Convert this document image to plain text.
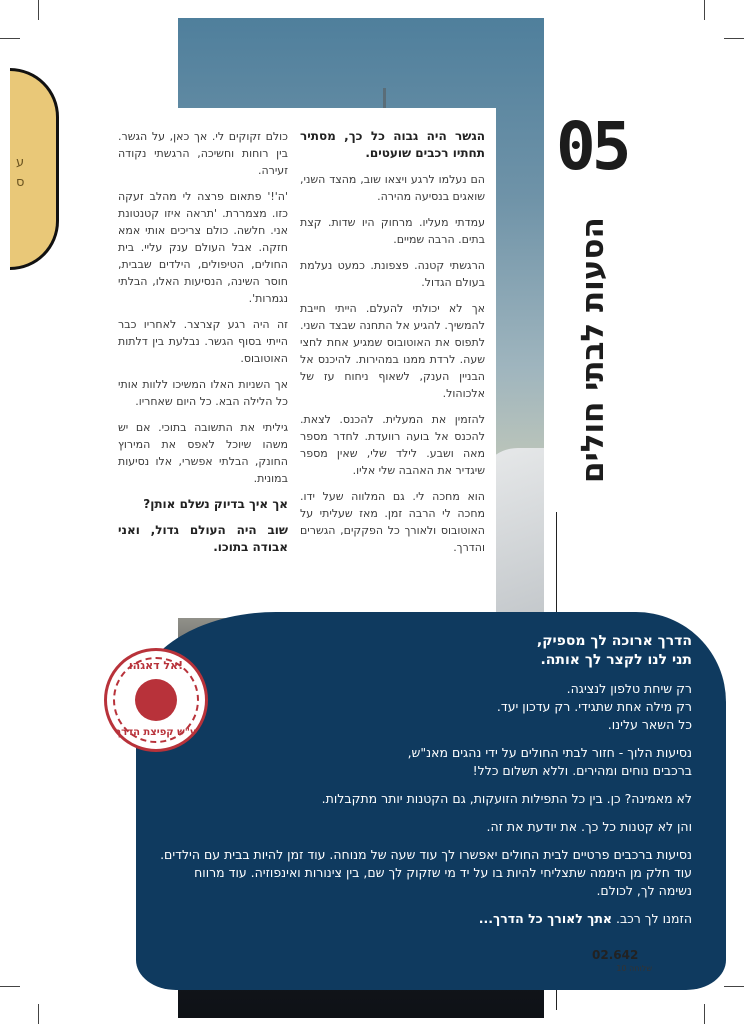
ע
ס

הגשר היה גבוה כל כך, מסתיר תחתיו רכבים שועטים.

הם נעלמו לרגע ויצאו שוב, מהצד השני, שואגים בנסיעה מהירה.

עמדתי מעליו. מרחוק היו שדות. קצת בתים. הרבה שמיים.

הרגשתי קטנה. פצפונת. כמעט נעלמת בעולם הגדול.

אך לא יכולתי להעלם. הייתי חייבת להמשיך. להגיע אל התחנה שבצד השני. לתפוס את האוטובוס שמגיע אחת לחצי שעה. לרדת ממנו במהירות. להיכנס אל הבניין הענק, לשאוף ניחוח עז של אלכוהול.

להזמין את המעלית. להכנס. לצאת. להכנס אל בועה רוועדת. לחדר מספר מאה ושבע. לילד שלי, שאין מספר שיגדיר את האהבה שלי אליו.

הוא מחכה לי. גם המלווה שעל ידו. מחכה לי הרבה זמן. מאז שעליתי על האוטובוס ולאורך כל הפקקים, הגשרים והדרך.

כולם זקוקים לי. אך כאן, על הגשר. בין רוחות וחשיכה, הרגשתי נקודה זעירה.

'ה'!' פתאום פרצה לי מהלב זעקה כזו. מצמררת. 'תראה איזו קטנטונת אני. חלשה. כולם צריכים אותי אמא חזקה. אבל העולם ענק עליי. בית החולים, הטיפולים, הילדים שבבית, חוסר השינה, הנסיעות האלו, הבלתי נגמרות'.

זה היה רגע קצרצר. לאחריו כבר הייתי בסוף הגשר. נבלעת בין דלתות האוטובוס.

אך השניות האלו המשיכו ללוות אותי כל הלילה הבא. כל היום שאחריו.

גיליתי את התשובה בתוכי. אם יש משהו שיוכל לאפס את המירוץ החונק, הבלתי אפשרי, אלו נסיעות במונית.

אך איך בדיוק נשלם אותן?

שוב היה העולם גדול, ואני אבודה בתוכו.

05
הסעות לבתי חולים

הדרך ארוכה לך מספיק,
תני לנו לקצר לך אותה.

רק שיחת טלפון לנציגה.
רק מילה אחת שתגידי. רק עדכון יעד.
כל השאר עלינו.

נסיעות הלוך - חזור לבתי החולים על ידי נהגים מאנ"ש,
ברכבים נוחים ומהירים. וללא תשלום כלל!

לא מאמינה? כן. בין כל התפילות הזועקות, גם הקטנות יותר מתקבלות.

והן לא קטנות כל כך. את יודעת את זה.

נסיעות ברכבים פרטיים לבית החולים יאפשרו לך עוד שעה של מנוחה. עוד זמן להיות בבית עם הילדים. עוד חלק מן היממה שתצליחי להיות בו על יד מי שזקוק לך שם, בין צינורות ואינפוזיה. עוד מרווח נשימה לך, לכולם.

הזמנו לך רכב. אתך לאורך כל הדרך...

אל דאגהו!
ע"ש קפיצת הדרך
02.642
שלוחה 10
